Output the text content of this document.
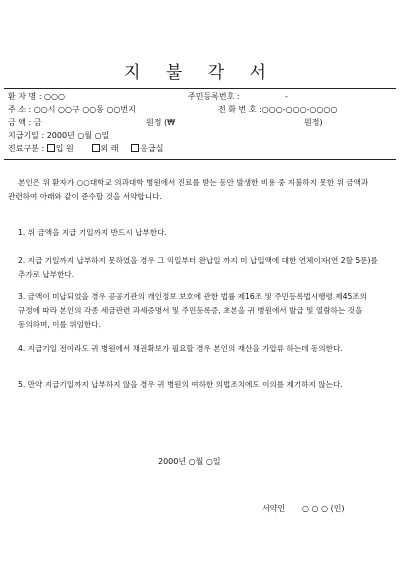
지 불 각 서
환 자 명 : ○○○	주민등록번호 :	-
주 소 : ○○시 ○○구 ○○동 ○○번지	전 화 번 호 :○○○-○○○-○○○○
금 액 : 금	원정 (₩	원정)
지급기일 : 2000년 ○월 ○일
진료구분 : 입 원	외 래	응급실
본인은 위 환자가 ○○대학교 의과대학 병원에서 진료를 받는 동안 발생한 비용 중 지불하지 못한 위 금액과 관련하여 아래와 같이 준수할 것을 서약합니다.
1. 위 금액을 지급 기일까지 반드시 납부한다.
2. 지급 기일까지 납부하지 못하였을 경우 그 익일부터 완납일 까지 미 납입액에 대한 연체이자(연 2할 5푼)를 추가로 납부한다.
3. 금액이 미납되었을 경우 공공기관의 개인정보 보호에 관한 법률 제16조 및 주민등록법시행령 제45조의 규정에 따라 본인의 각종 세금관련 과세증명서 및 주민등록증, 초본을 귀 병원에서 발급 및 열람하는 것을 동의하며, 이를 위임한다.
4. 지급기일 전이라도 귀 병원에서 채권확보가 필요할 경우 본인의 재산을 가압류 하는데 동의한다.
5. 만약 지급기일까지 납부하지 않을 경우 귀 병원의 여하한 의법조치에도 이의를 제기하지 않는다.
2000년 ○월 ○일
서약인 ○ ○ ○ (인)
